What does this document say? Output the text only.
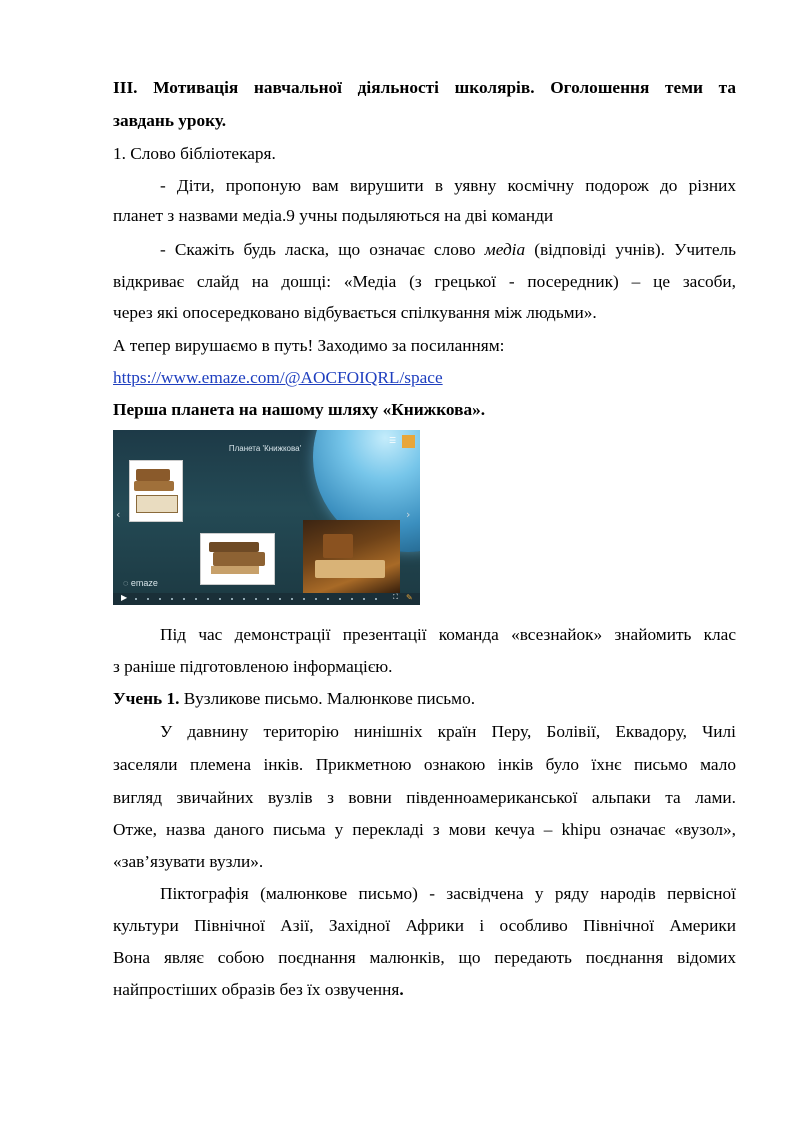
III. Мотивація навчальної діяльності школярів. Оголошення теми та
завдань уроку.
1. Слово бібліотекаря.
- Діти, пропоную вам вирушити в уявну космічну подорож до різних
планет з назвами медіа.9 учны подыляються на дві команди
- Скажіть будь ласка, що означає слово медіа (відповіді учнів). Учитель
відкриває слайд на дошці: «Медіа (з грецької - посередник) – це засоби,
через які опосередковано відбувається спілкування між людьми».
А тепер вирушаємо в путь! Заходимо за посиланням:
https://www.emaze.com/@AOCFOIQRL/space
Перша планета на нашому шляху «Книжкова».
Планета 'Книжкова'
☰
‹	›
◌ emaze
▶	⛶ ✎
Під час демонстрації презентації команда «всезнайок» знайомить клас
з раніше підготовленою інформацією.
Учень 1. Вузликове письмо. Малюнкове письмо.
У давнину територію нинішніх країн Перу, Болівії, Еквадору, Чилі
заселяли племена інків. Прикметною ознакою інків було їхнє письмо мало
вигляд звичайних вузлів з вовни південноамериканської альпаки та лами.
Отже, назва даного письма у перекладі з мови кечуа – khipu означає «вузол»,
«зав’язувати вузли».
Піктографія (малюнкове письмо) - засвідчена у ряду народів первісної
культури Північної Азії, Західної Африки і особливо Північної Америки
Вона являє собою поєднання малюнків, що передають поєднання відомих
найпростіших образів без їх озвучення.
